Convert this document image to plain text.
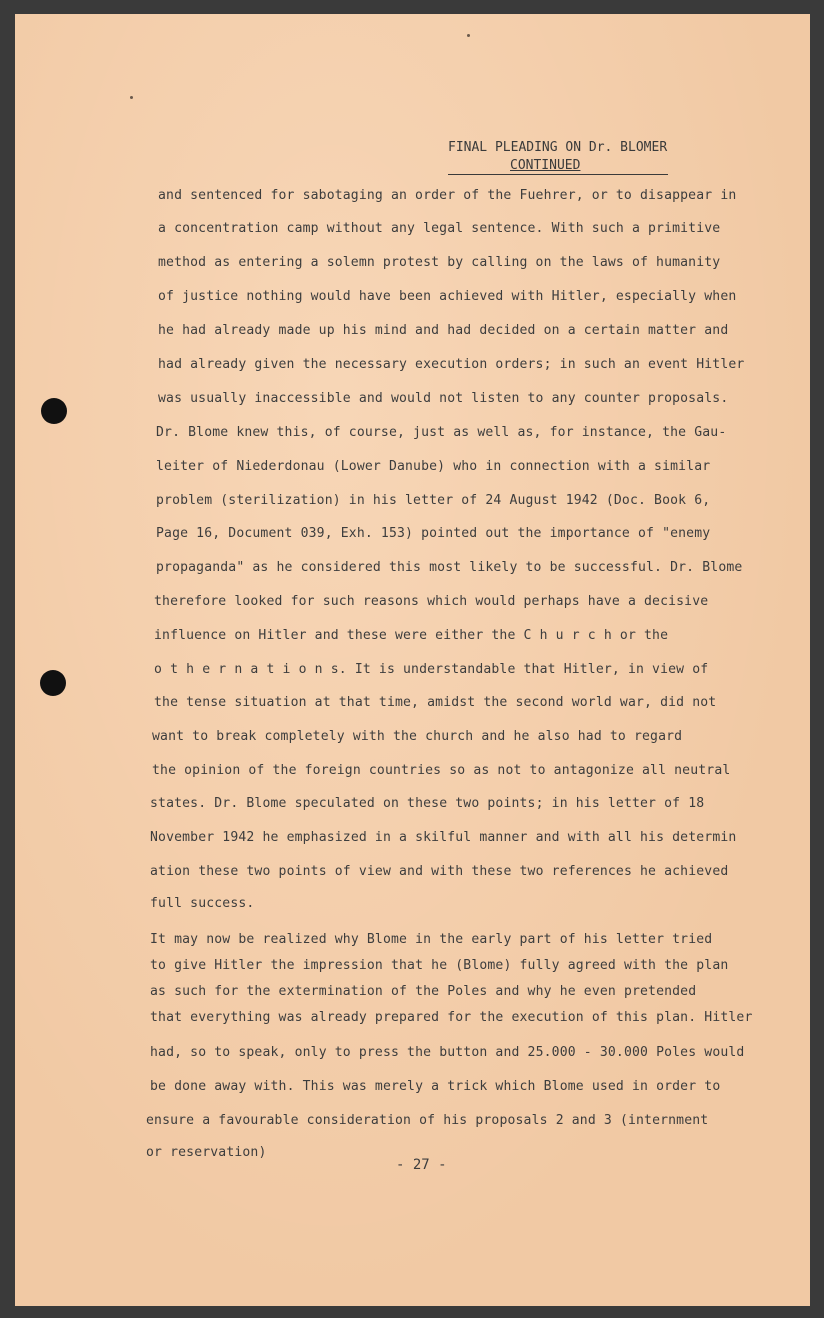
FINAL PLEADING ON Dr. BLOMER
CONTINUED
and sentenced for sabotaging an order of the Fuehrer, or to disappear in
a concentration camp without any legal sentence. With such a primitive
method as entering a solemn protest by calling on the laws of humanity
of justice nothing would have been achieved with Hitler, especially when
he had already made up his mind and had decided on a certain matter and
had already given the necessary execution orders; in such an event Hitler
was usually inaccessible and would not listen to any counter proposals.
Dr. Blome knew this, of course, just as well as, for instance, the Gau-
leiter of Niederdonau (Lower Danube) who in connection with a similar
problem (sterilization) in his letter of 24 August 1942 (Doc. Book 6,
Page 16, Document 039, Exh. 153) pointed out the importance of "enemy
propaganda" as he considered this most likely to be successful. Dr. Blome
therefore looked for such reasons which would perhaps have a decisive
influence on Hitler and these were either the C h u r c h or the
o t h e r n a t i o n s. It is understandable that Hitler, in view of
the tense situation at that time, amidst the second world war, did not
want to break completely with the church and he also had to regard
the opinion of the foreign countries so as not to antagonize all neutral
states. Dr. Blome speculated on these two points; in his letter of 18
November 1942 he emphasized in a skilful manner and with all his determin
ation these two points of view and with these two references he achieved
full success.
It may now be realized why Blome in the early part of his letter tried
to give Hitler the impression that he (Blome) fully agreed with the plan
as such for the extermination of the Poles and why he even pretended
that everything was already prepared for the execution of this plan. Hitler
had, so to speak, only to press the button and 25.000 - 30.000 Poles would
be done away with. This was merely a trick which Blome used in order to
ensure a favourable consideration of his proposals 2 and 3 (internment
or reservation)
- 27 -
